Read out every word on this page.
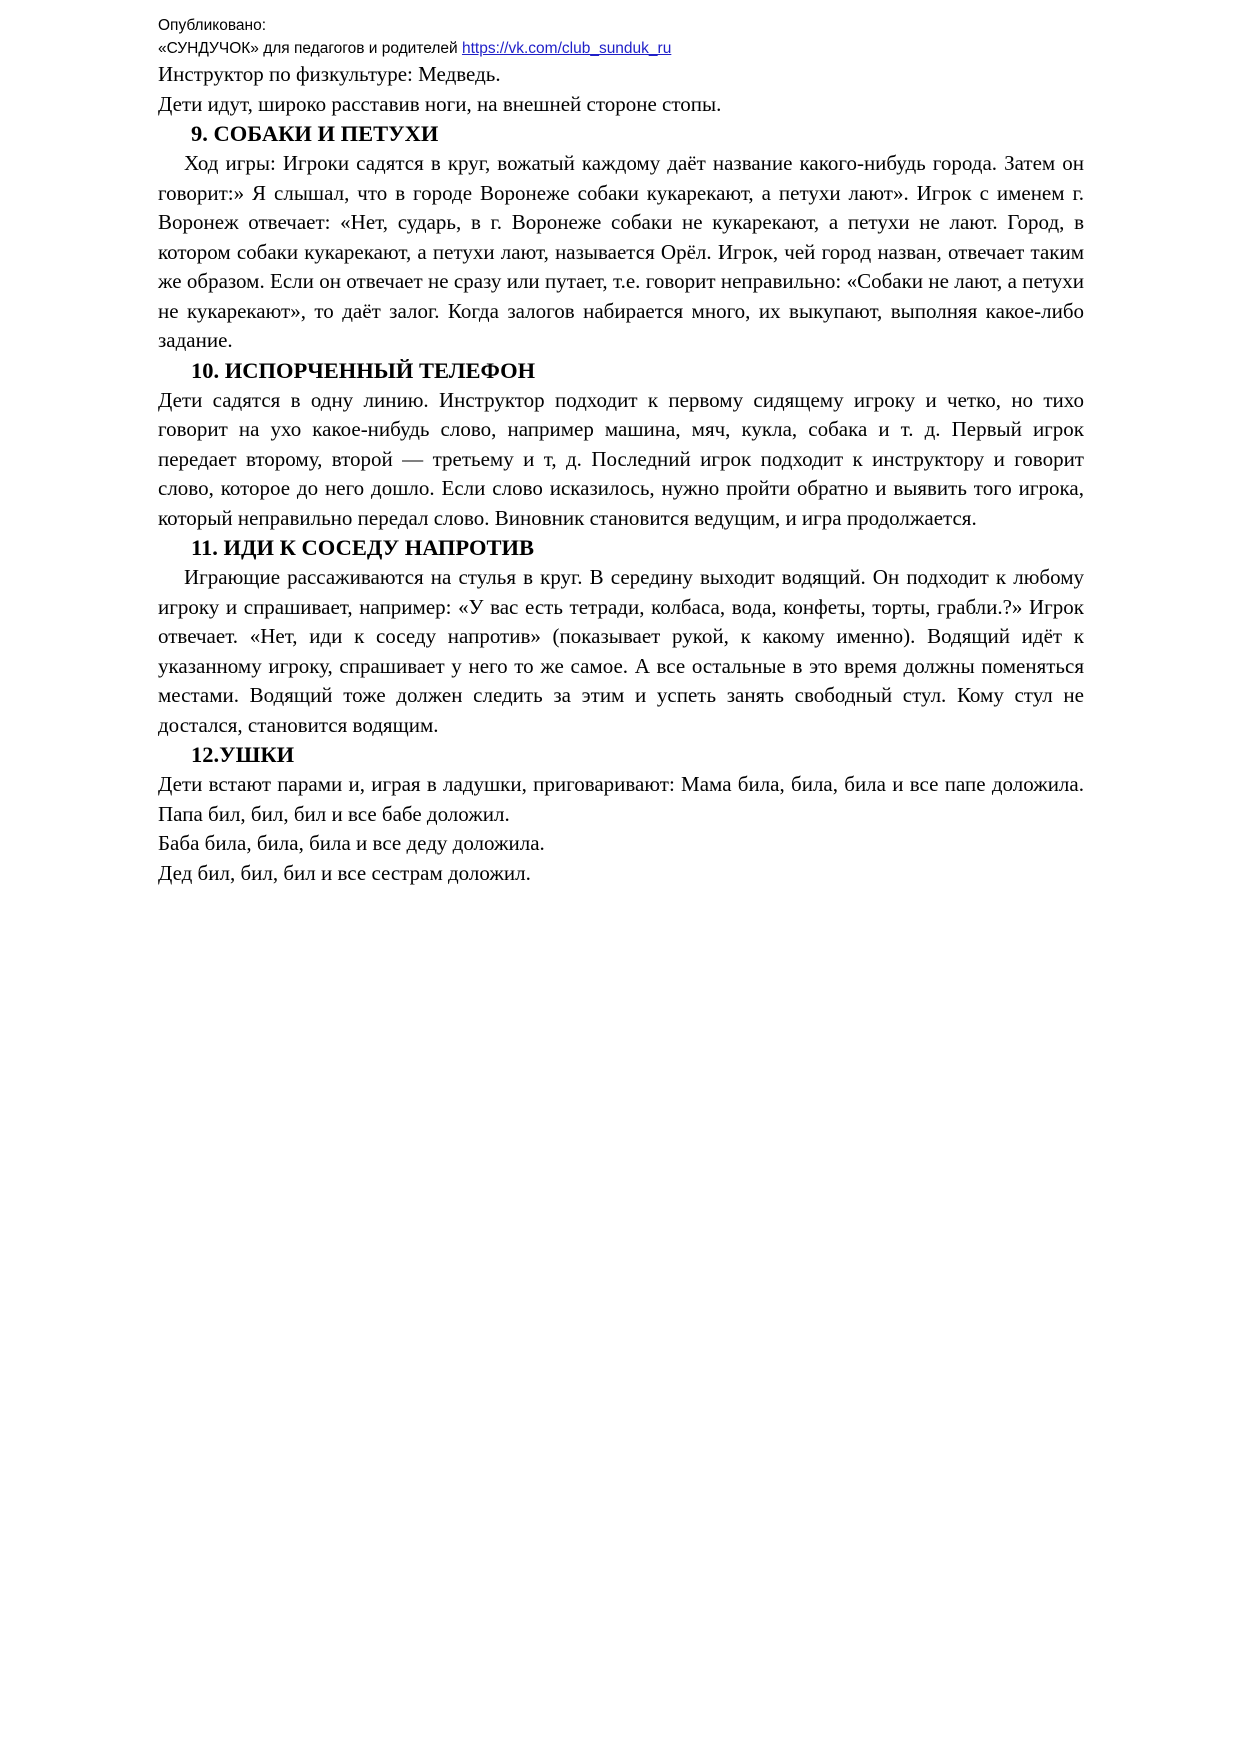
Опубликовано:
«СУНДУЧОК» для педагогов и родителей https://vk.com/club_sunduk_ru

Инструктор по физкультуре: Медведь.

Дети идут, широко расставив ноги, на внешней стороне стопы.

9. СОБАКИ И ПЕТУХИ

Ход игры: Игроки садятся в круг, вожатый каждому даёт название какого-нибудь города. Затем он говорит:» Я слышал, что в городе Воронеже собаки кукарекают, а петухи лают». Игрок с именем г. Воронеж отвечает: «Нет, сударь, в г. Воронеже собаки не кукарекают, а петухи не лают. Город, в котором собаки кукарекают, а петухи лают, называется Орёл. Игрок, чей город назван, отвечает таким же образом. Если он отвечает не сразу или путает, т.е. говорит неправильно: «Собаки не лают, а петухи не кукарекают», то даёт залог. Когда залогов набирается много, их выкупают, выполняя какое-либо задание.

10. ИСПОРЧЕННЫЙ ТЕЛЕФОН

Дети садятся в одну линию. Инструктор подходит к первому сидящему игроку и четко, но тихо говорит на ухо какое-нибудь слово, например машина, мяч, кукла, собака и т. д. Первый игрок передает второму, второй — третьему и т, д. Последний игрок подходит к инструктору и говорит слово, которое до него дошло. Если слово исказилось, нужно пройти обратно и выявить того игрока, который неправильно передал слово. Виновник становится ведущим, и игра продолжается.

11. ИДИ К СОСЕДУ НАПРОТИВ

Играющие рассаживаются на стулья в круг. В середину выходит водящий. Он подходит к любому игроку и спрашивает, например: «У вас есть тетради, колбаса, вода, конфеты, торты, грабли.?» Игрок отвечает. «Нет, иди к соседу напротив» (показывает рукой, к какому именно). Водящий идёт к указанному игроку, спрашивает у него то же самое. А все остальные в это время должны поменяться местами. Водящий тоже должен следить за этим и успеть занять свободный стул. Кому стул не достался, становится водящим.

12.УШКИ

Дети встают парами и, играя в ладушки, приговаривают: Мама била, била, била и все папе доложила. Папа бил, бил, бил и все бабе доложил.

Баба била, била, била и все деду доложила.

Дед бил, бил, бил и все сестрам доложил.
